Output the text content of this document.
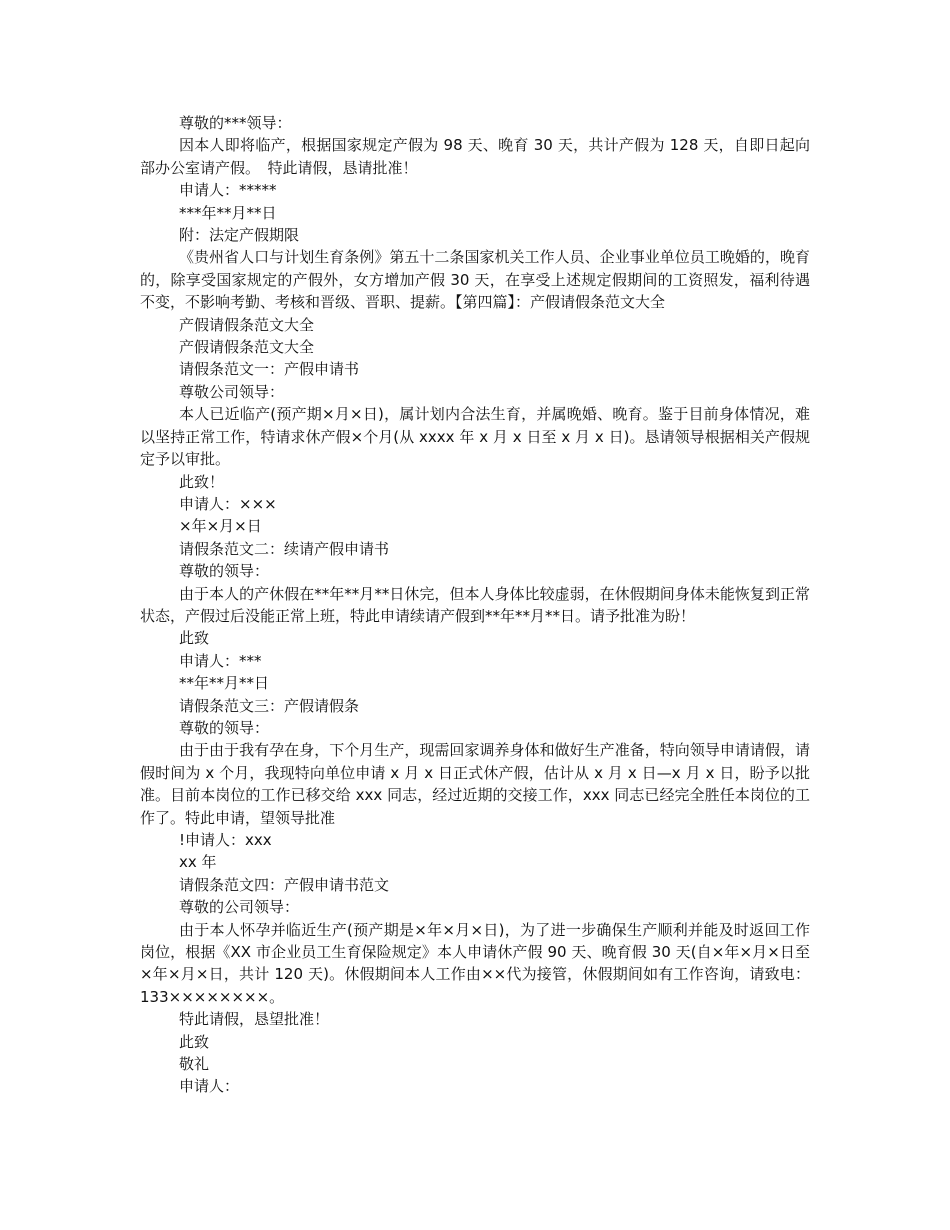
尊敬的***领导：

因本人即将临产，根据国家规定产假为 98 天、晚育 30 天，共计产假为 128 天，自即日起向部办公室请产假。　特此请假，恳请批准！

申请人：*****

***年**月**日

附：法定产假期限

《贵州省人口与计划生育条例》第五十二条国家机关工作人员、企业事业单位员工晚婚的，晚育的，除享受国家规定的产假外，女方增加产假 30 天，在享受上述规定假期间的工资照发，福利待遇不变，不影响考勤、考核和晋级、晋职、提薪。【第四篇】：产假请假条范文大全

产假请假条范文大全

产假请假条范文大全

请假条范文一：产假申请书

尊敬公司领导：

本人已近临产(预产期×月×日)，属计划内合法生育，并属晚婚、晚育。鉴于目前身体情况，难以坚持正常工作，特请求休产假×个月(从 xxxx 年 x 月 x 日至 x 月 x 日)。恳请领导根据相关产假规定予以审批。

此致！

申请人：×××

×年×月×日

请假条范文二：续请产假申请书

尊敬的领导：

由于本人的产休假在**年**月**日休完，但本人身体比较虚弱，在休假期间身体未能恢复到正常状态，产假过后没能正常上班，特此申请续请产假到**年**月**日。请予批准为盼！

此致

申请人：***

**年**月**日

请假条范文三：产假请假条

尊敬的领导：

由于由于我有孕在身，下个月生产，现需回家调养身体和做好生产准备，特向领导申请请假，请假时间为 x 个月，我现特向单位申请 x 月 x 日正式休产假，估计从 x 月 x 日—x 月 x 日，盼予以批准。目前本岗位的工作已移交给 xxx 同志，经过近期的交接工作，xxx 同志已经完全胜任本岗位的工作了。特此申请，望领导批准

!申请人：xxx

xx 年

请假条范文四：产假申请书范文

尊敬的公司领导：

由于本人怀孕并临近生产(预产期是×年×月×日)，为了进一步确保生产顺利并能及时返回工作岗位，根据《XX 市企业员工生育保险规定》本人申请休产假 90 天、晚育假 30 天(自×年×月×日至×年×月×日，共计 120 天)。休假期间本人工作由××代为接管，休假期间如有工作咨询，请致电：133××××××××。

特此请假，恳望批准！

此致

敬礼

申请人：
